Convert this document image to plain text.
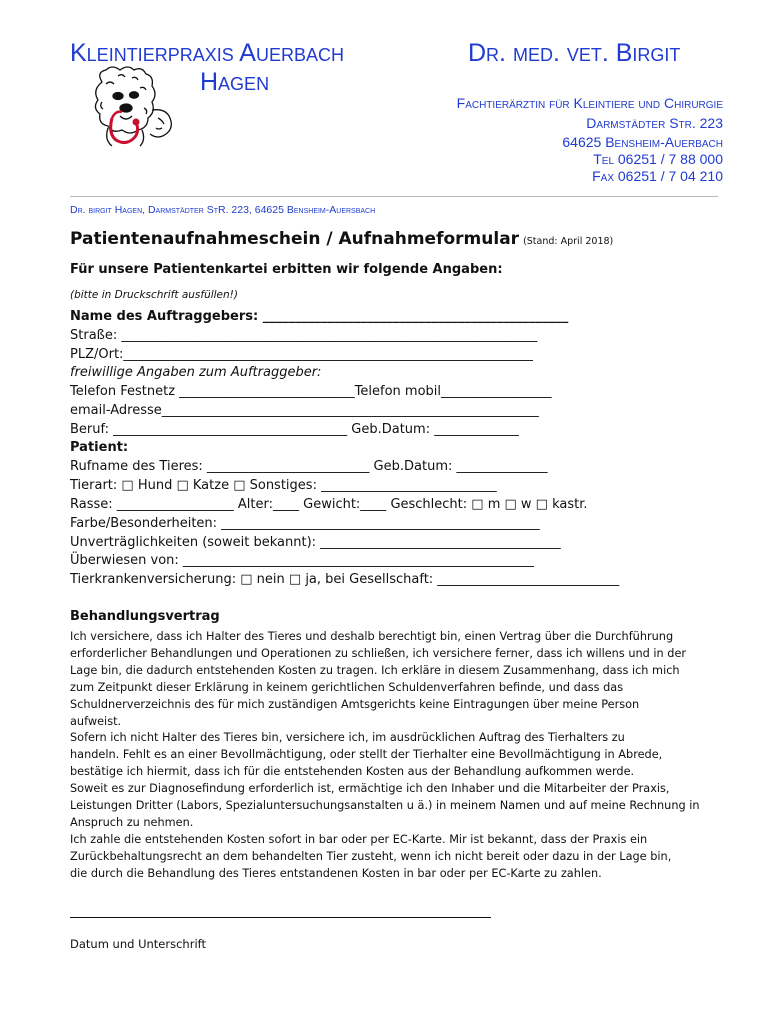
Kleintierpraxis Auerbach
Hagen
Dr. med. vet. Birgit
Fachtierärztin für Kleintiere und Chirurgie
Darmstädter Str. 223
64625 Bensheim-Auerbach
Tel 06251 / 7 88 000
Fax 06251 / 7 04 210
Dr. birgit Hagen, Darmstädter StR. 223, 64625 Bensheim-Auersbach
Patientenaufnahmeschein / Aufnahmeformular (Stand: April 2018)
Für unsere Patientenkartei erbitten wir folgende Angaben:
(bitte in Druckschrift ausfüllen!)
Name des Auftraggebers: _______________________________________________
Straße: ________________________________________________________________
PLZ/Ort:_______________________________________________________________
freiwillige Angaben zum Auftraggeber:
Telefon Festnetz ___________________________Telefon mobil_________________
email-Adresse__________________________________________________________
Beruf: ____________________________________ Geb.Datum: _____________
Patient:
Rufname des Tieres: _________________________ Geb.Datum: ______________
Tierart: □ Hund □ Katze □ Sonstiges: ___________________________
Rasse: __________________ Alter:____ Gewicht:____ Geschlecht: □ m □ w □ kastr.
Farbe/Besonderheiten: _________________________________________________
Unverträglichkeiten (soweit bekannt): _____________________________________
Überwiesen von: ______________________________________________________
Tierkrankenversicherung: □ nein □ ja, bei Gesellschaft: ____________________________
Behandlungsvertrag

Ich versichere, dass ich Halter des Tieres und deshalb berechtigt bin, einen Vertrag über die Durchführung

erforderlicher Behandlungen und Operationen zu schließen, ich versichere ferner, dass ich willens und in der

Lage bin, die dadurch entstehenden Kosten zu tragen. Ich erkläre in diesem Zusammenhang, dass ich mich

zum Zeitpunkt dieser Erklärung in keinem gerichtlichen Schuldenverfahren befinde, und dass das

Schuldnerverzeichnis des für mich zuständigen Amtsgerichts keine Eintragungen über meine Person

aufweist.

Sofern ich nicht Halter des Tieres bin, versichere ich, im ausdrücklichen Auftrag des Tierhalters zu

handeln. Fehlt es an einer Bevollmächtigung, oder stellt der Tierhalter eine Bevollmächtigung in Abrede,

bestätige ich hiermit, dass ich für die entstehenden Kosten aus der Behandlung aufkommen werde.

Soweit es zur Diagnosefindung erforderlich ist, ermächtige ich den Inhaber und die Mitarbeiter der Praxis,

Leistungen Dritter (Labors, Spezialuntersuchungsanstalten u ä.) in meinem Namen und auf meine Rechnung in

Anspruch zu nehmen.

Ich zahle die entstehenden Kosten sofort in bar oder per EC-Karte. Mir ist bekannt, dass der Praxis ein

Zurückbehaltungsrecht an dem behandelten Tier zusteht, wenn ich nicht bereit oder dazu in der Lage bin,

die durch die Behandlung des Tieres entstandenen Kosten in bar oder per EC-Karte zu zahlen.

Datum und Unterschrift
